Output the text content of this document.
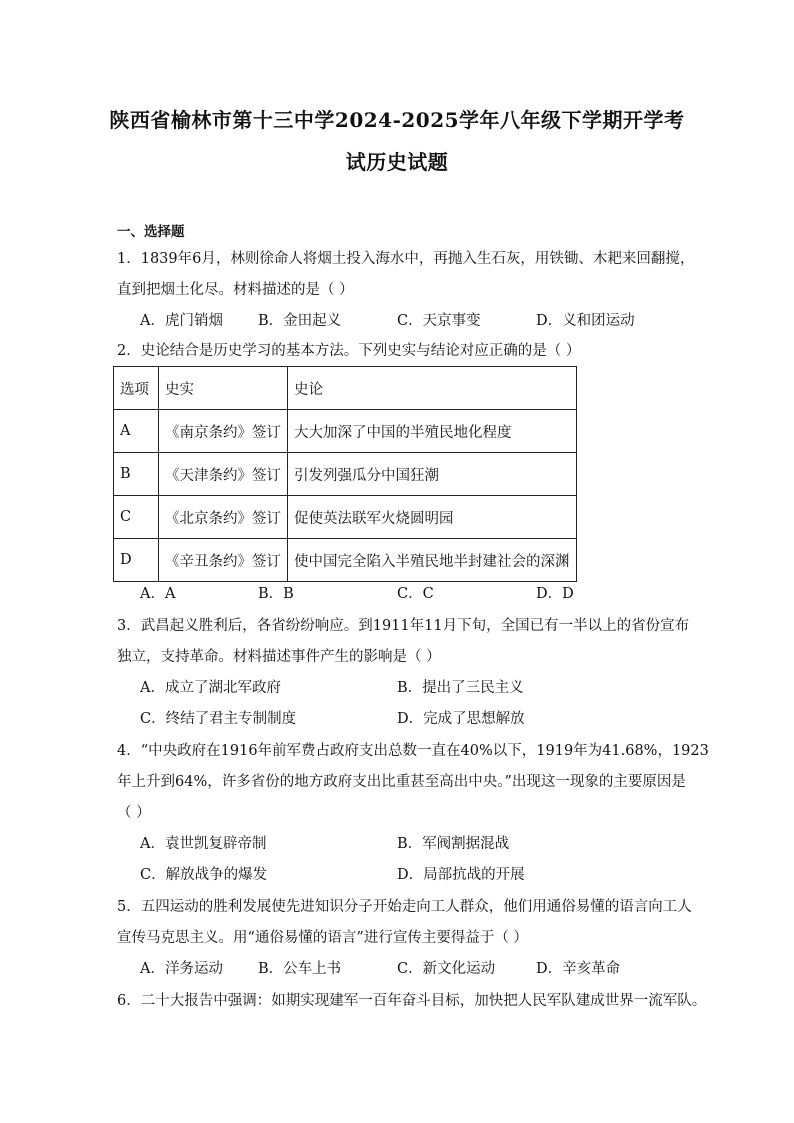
陕西省榆林市第十三中学2024-2025学年八年级下学期开学考
试历史试题
一、选择题
1．1839年6月，林则徐命人将烟土投入海水中，再抛入生石灰，用铁锄、木耙来回翻搅，
直到把烟土化尽。材料描述的是（ ）
A．虎门销烟 B．金田起义	C．天京事变	D．义和团运动
2．史论结合是历史学习的基本方法。下列史实与结论对应正确的是（ ）
选项	史实	史论
A	《南京条约》签订	大大加深了中国的半殖民地化程度
B	《天津条约》签订	引发列强瓜分中国狂潮
C	《北京条约》签订	促使英法联军火烧圆明园
D	《辛丑条约》签订	使中国完全陷入半殖民地半封建社会的深渊
A．A	B．B	C．C	D．D
3．武昌起义胜利后，各省纷纷响应。到1911年11月下旬，全国已有一半以上的省份宣布
独立，支持革命。材料描述事件产生的影响是（ ）
A．成立了湖北军政府	B．提出了三民主义
C．终结了君主专制制度	D．完成了思想解放
4．“中央政府在1916年前军费占政府支出总数一直在40%以下，1919年为41.68%，1923
年上升到64%，许多省份的地方政府支出比重甚至高出中央。”出现这一现象的主要原因是
（ ）
A．袁世凯复辟帝制	B．军阀割据混战
C．解放战争的爆发	D．局部抗战的开展
5．五四运动的胜利发展使先进知识分子开始走向工人群众，他们用通俗易懂的语言向工人
宣传马克思主义。用“通俗易懂的语言”进行宣传主要得益于（ ）
A．洋务运动 B．公车上书	C．新文化运动	D．辛亥革命
6．二十大报告中强调：如期实现建军一百年奋斗目标，加快把人民军队建成世界一流军队。
